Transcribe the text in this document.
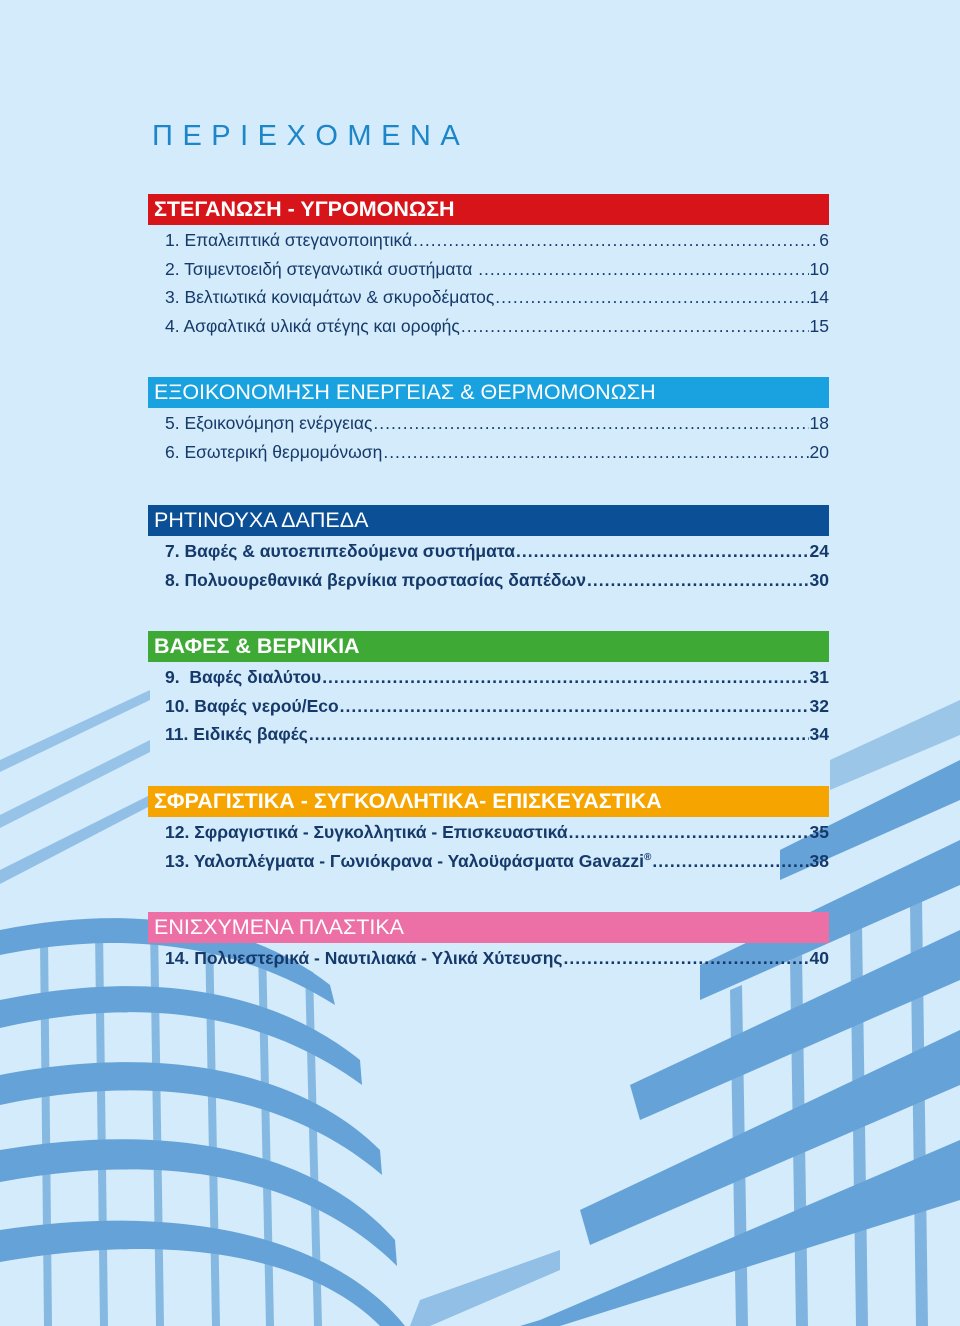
ΠΕΡΙΕΧΟΜΕΝΑ
ΣΤΕΓΑΝΩΣΗ - ΥΓΡΟΜΟΝΩΣΗ
1. Επαλειπτικά στεγανοποιητικά .....	6
2. Τσιμεντοειδή στεγανωτικά συστήματα .....	10
3. Βελτιωτικά κονιαμάτων & σκυροδέματος .....	14
4. Ασφαλτικά υλικά στέγης και οροφής .....	15
ΕΞΟΙΚΟΝΟΜΗΣΗ ΕΝΕΡΓΕΙΑΣ & ΘΕΡΜΟΜΟΝΩΣΗ
5. Εξοικονόμηση ενέργειας .....	18
6. Εσωτερική θερμομόνωση .....	20
ΡΗΤΙΝΟΥΧΑ ΔΑΠΕΔΑ
7. Βαφές & αυτοεπιπεδούμενα συστήματα .....	24
8. Πολυουρεθανικά βερνίκια προστασίας δαπέδων .....	30
ΒΑΦΕΣ & ΒΕΡΝΙΚΙΑ
9.  Βαφές διαλύτου .....	31
10. Βαφές νερού/Eco .....	32
11. Ειδικές βαφές .....	34
ΣΦΡΑΓΙΣΤΙΚΑ - ΣΥΓΚΟΛΛΗΤΙΚΑ- ΕΠΙΣΚΕΥΑΣΤΙΚΑ
12. Σφραγιστικά - Συγκολλητικά - Επισκευαστικά .....	35
13. Υαλοπλέγματα - Γωνιόκρανα - Υαλοϋφάσματα Gavazzi® .....	38
ΕΝΙΣΧΥΜΕΝΑ ΠΛΑΣΤΙΚΑ
14. Πολυεστερικά - Ναυτιλιακά - Υλικά Χύτευσης .....	40
